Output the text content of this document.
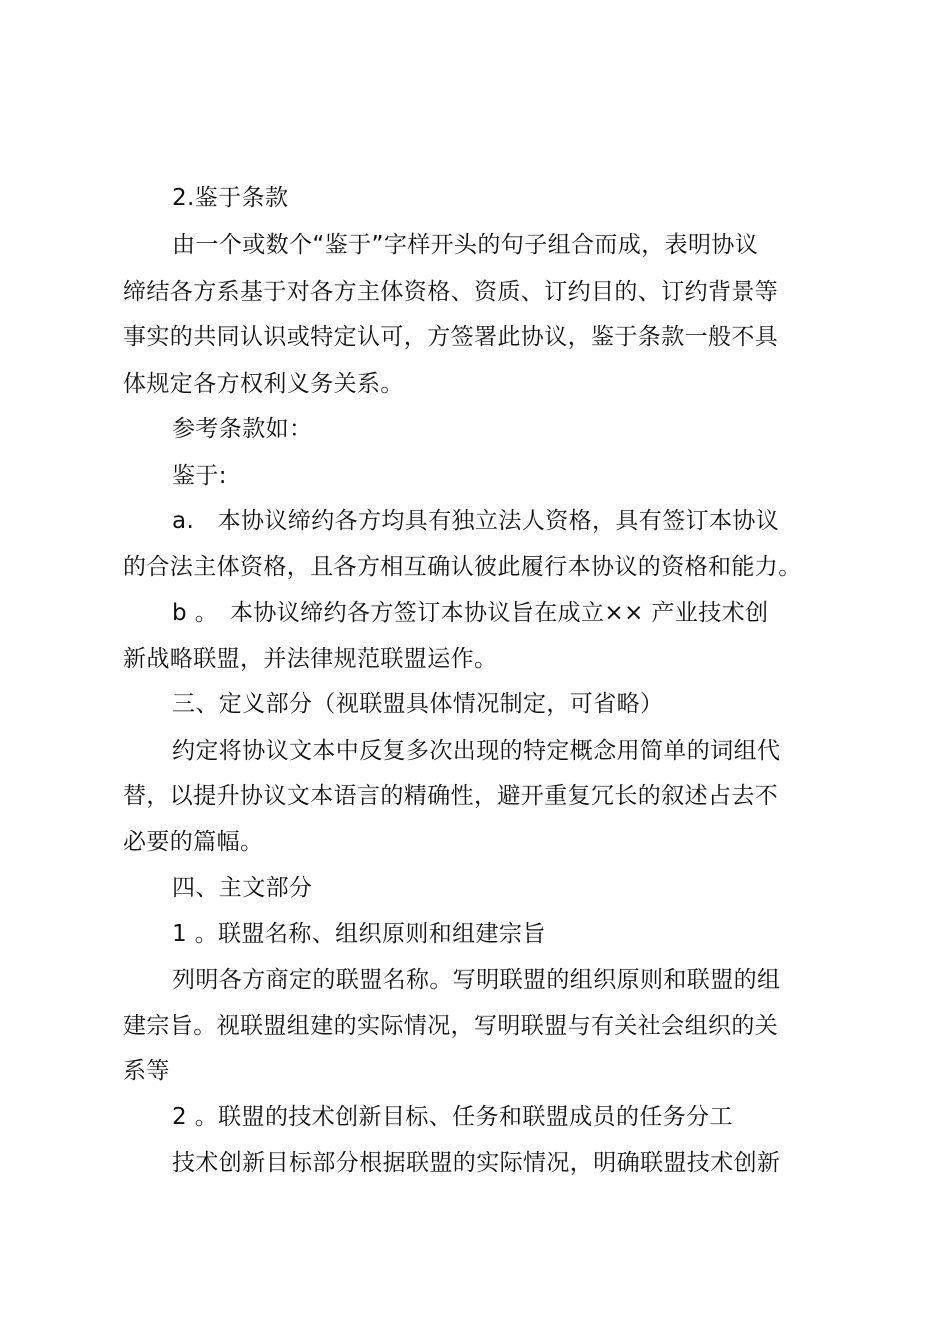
2.鉴于条款
由一个或数个“鉴于”字样开头的句子组合而成，表明协议
缔结各方系基于对各方主体资格、资质、订约目的、订约背景等
事实的共同认识或特定认可，方签署此协议，鉴于条款一般不具
体规定各方权利义务关系。
参考条款如：
鉴于:
a.　本协议缔约各方均具有独立法人资格，具有签订本协议
的合法主体资格，且各方相互确认彼此履行本协议的资格和能力。
b 。　本协议缔约各方签订本协议旨在成立×× 产业技术创
新战略联盟，并法律规范联盟运作。
三、定义部分（视联盟具体情况制定，可省略）
约定将协议文本中反复多次出现的特定概念用简单的词组代
替，以提升协议文本语言的精确性，避开重复冗长的叙述占去不
必要的篇幅。
四、主文部分
1 。联盟名称、组织原则和组建宗旨
列明各方商定的联盟名称。写明联盟的组织原则和联盟的组
建宗旨。视联盟组建的实际情况，写明联盟与有关社会组织的关
系等
2 。联盟的技术创新目标、任务和联盟成员的任务分工
技术创新目标部分根据联盟的实际情况，明确联盟技术创新
